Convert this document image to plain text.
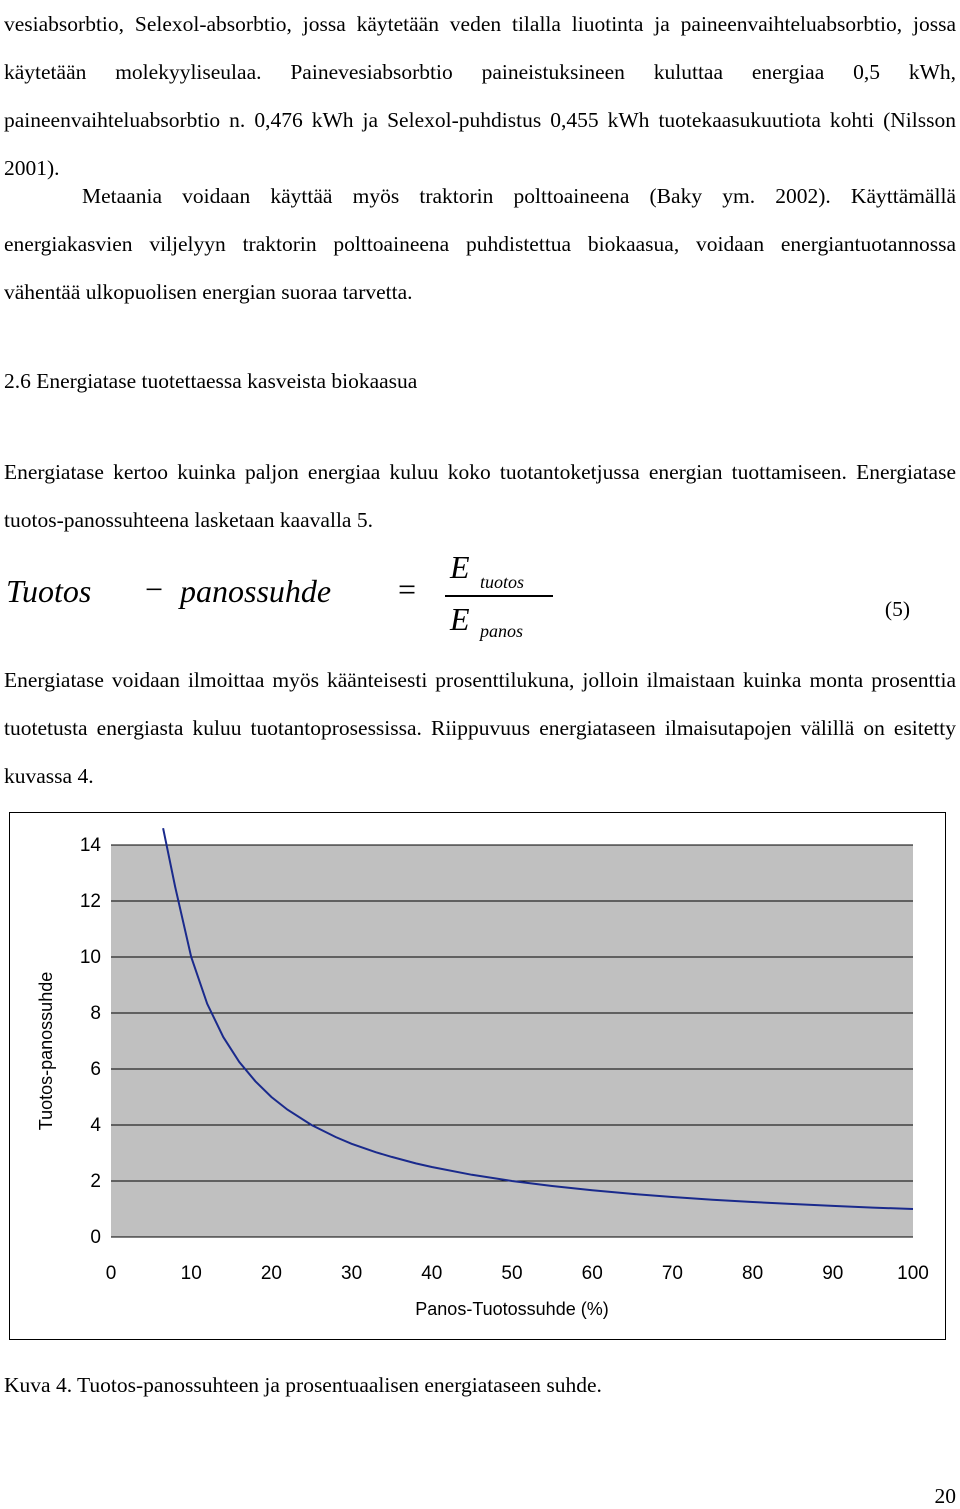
vesiabsorbtio, Selexol-absorbtio, jossa käytetään veden tilalla liuotinta ja paineenvaihteluabsorbtio, jossa käytetään molekyyliseulaa. Painevesiabsorbtio paineistuksineen kuluttaa energiaa 0,5 kWh, paineenvaihteluabsorbtio n. 0,476 kWh ja Selexol-puhdistus 0,455 kWh tuotekaasukuutiota kohti (Nilsson 2001).

Metaania voidaan käyttää myös traktorin polttoaineena (Baky ym. 2002). Käyttämällä energiakasvien viljelyyn traktorin polttoaineena puhdistettua biokaasua, voidaan energiantuotannossa vähentää ulkopuolisen energian suoraa tarvetta.

2.6 Energiatase tuotettaessa kasveista biokaasua

Energiatase kertoo kuinka paljon energiaa kuluu koko tuotantoketjussa energian tuottamiseen. Energiatase tuotos-panossuhteena lasketaan kaavalla 5.

Tuotos − panossuhde =
E tuotos
E panos
(5)

Energiatase voidaan ilmoittaa myös käänteisesti prosenttilukuna, jolloin ilmaistaan kuinka monta prosenttia tuotetusta energiasta kuluu tuotantoprosessissa. Riippuvuus energiataseen ilmaisutapojen välillä on esitetty kuvassa 4.

0
2
4
6
8
10
12
14
0	10	20	30	40	50	60	70	80	90	100
Panos-Tuotossuhde (%)
Tuotos-panossuhde

Kuva 4. Tuotos-panossuhteen ja prosentuaalisen energiataseen suhde.

20
